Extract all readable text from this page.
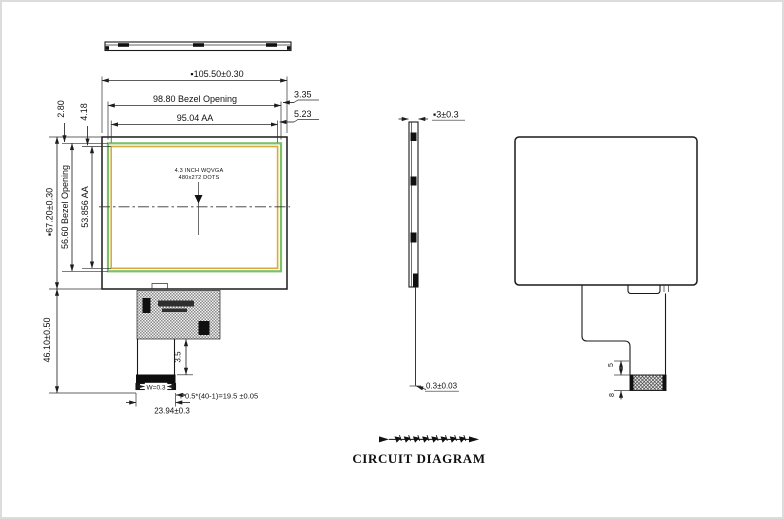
4.3 INCH WQVGA
480x272 DOTS
▪105.50±0.30
98.80 Bezel Opening
95.04 AA
3.35
5.23
▪67.20±0.30
46.10±0.50
56.60 Bezel Opening 53.856 AA
2.80 4.18
3.5
W=0.3
P0.5*(40-1)=19.5 ±0.05
23.94±0.3
▪3±0.3
0.3±0.03
5
8
CIRCUIT DIAGRAM
